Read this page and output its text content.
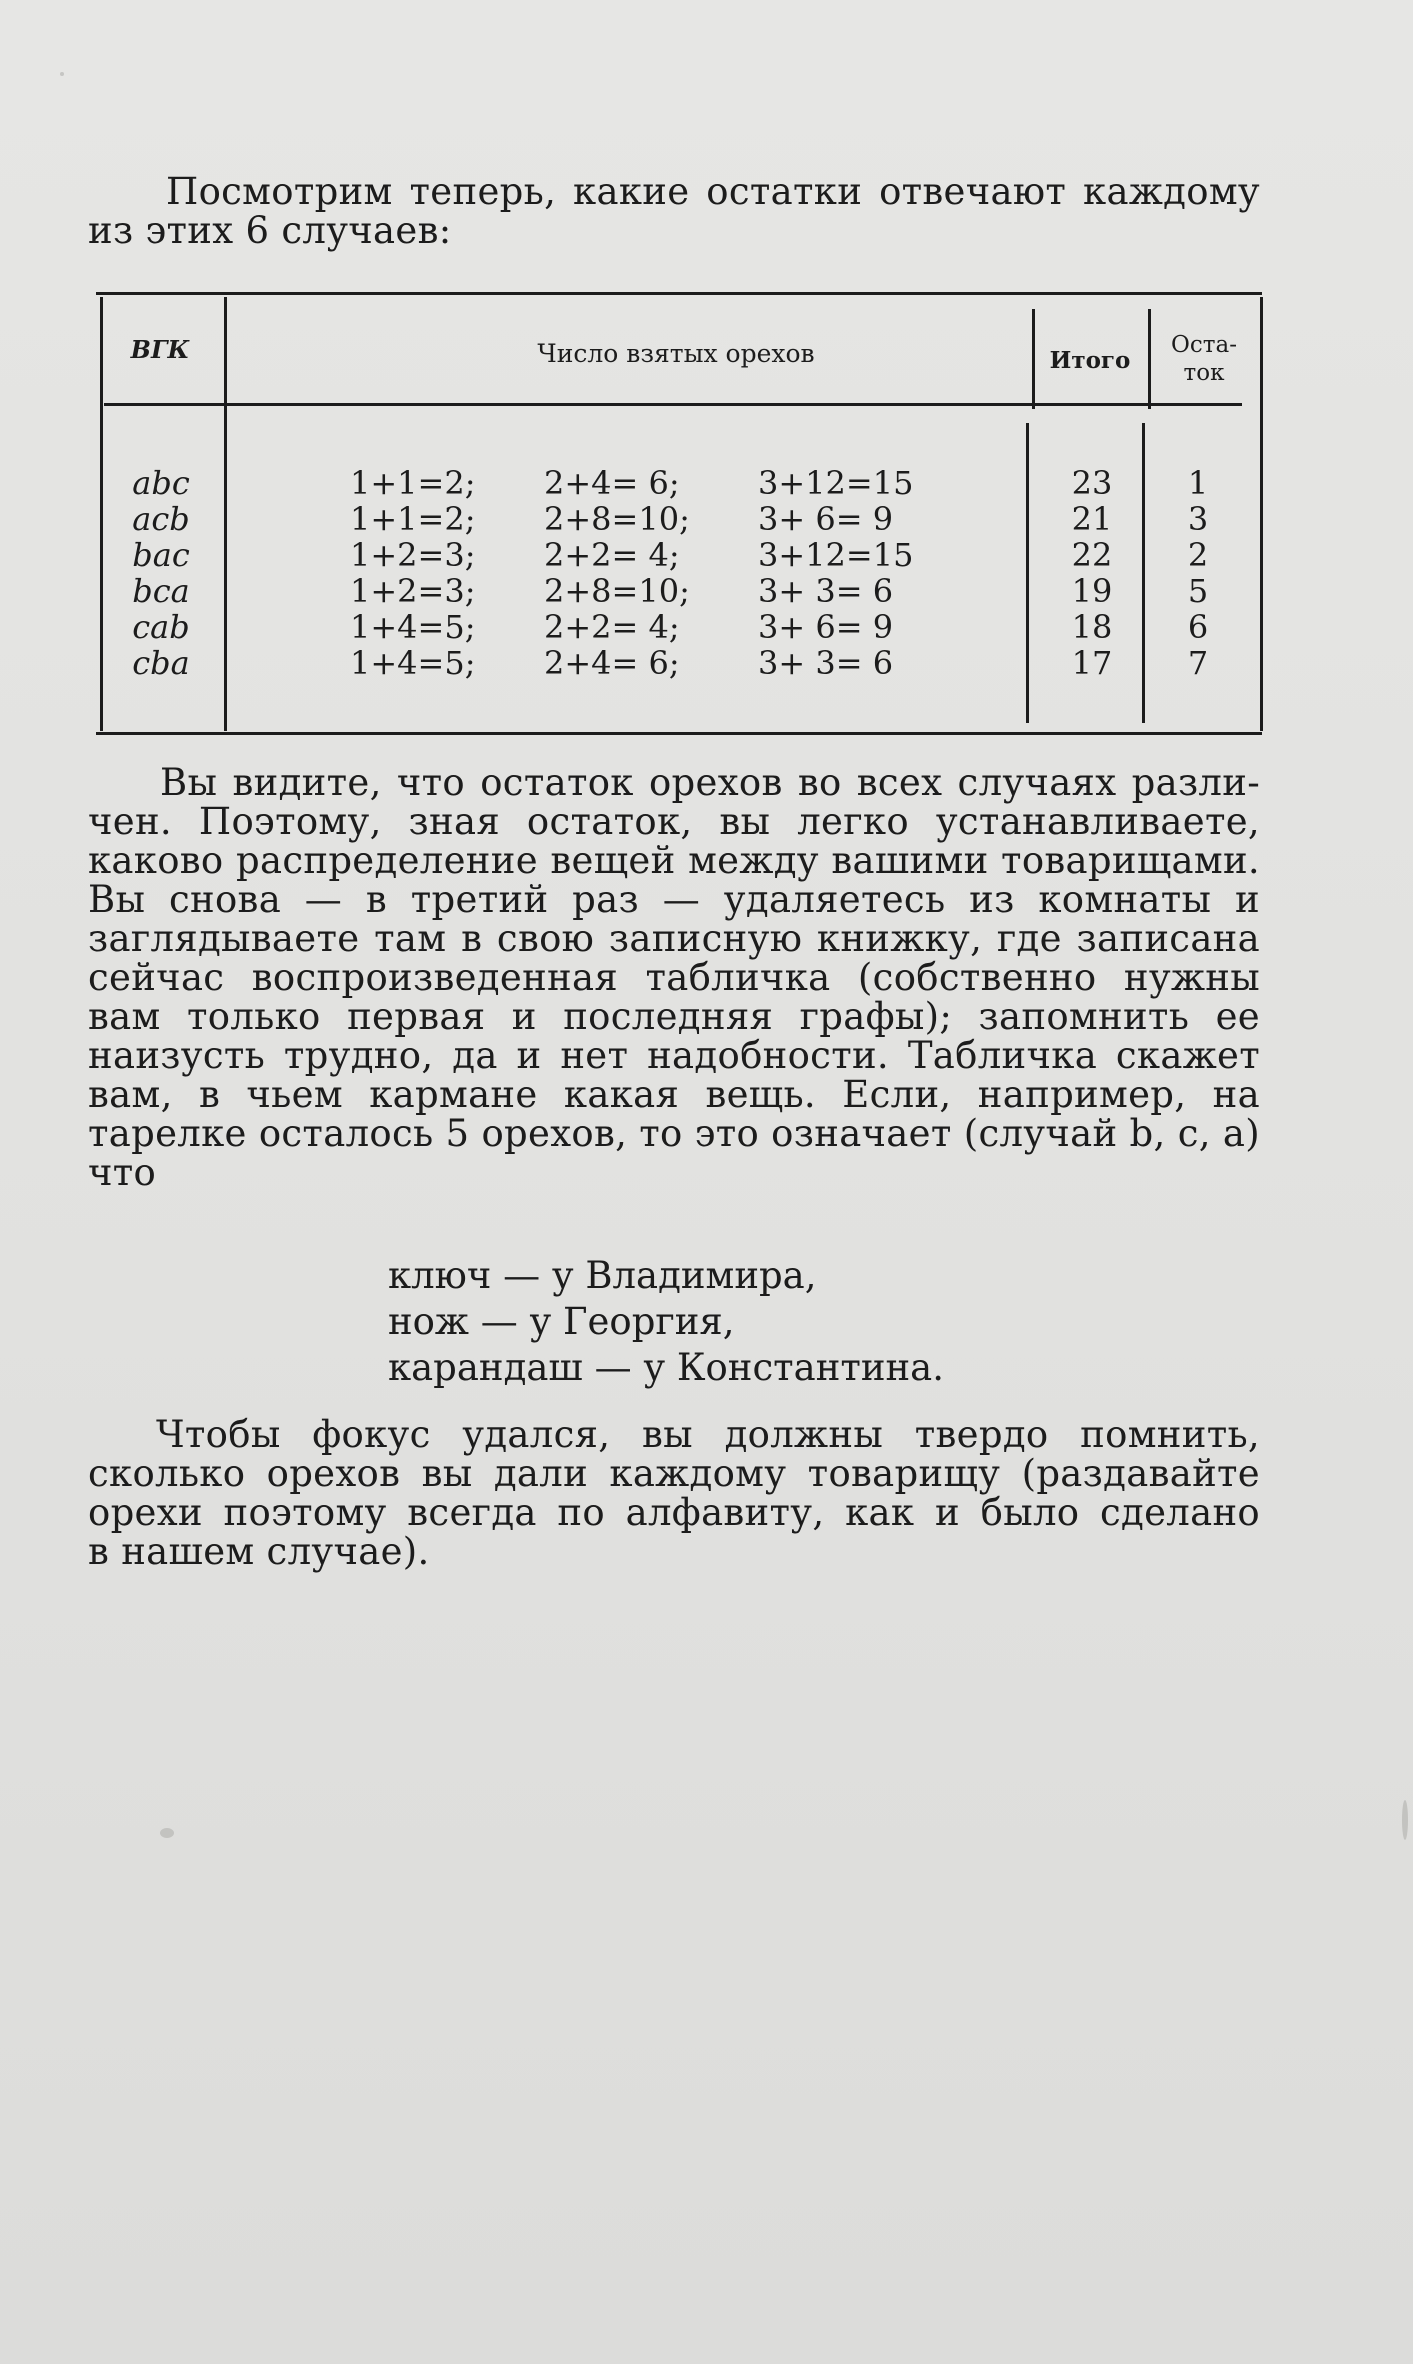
Посмотрим теперь, какие остатки отвечают каждому
из этих 6 случаев:

ВГК	Число взятых орехов	Итого
Оста-
ток
abc
acb
bac
bca
cab
cba
1+1=2;
1+1=2;
1+2=3;
1+2=3;
1+4=5;
1+4=5;
2+4= 6;
2+8=10;
2+2= 4;
2+8=10;
2+2= 4;
2+4= 6;
3+12=15
3+ 6= 9
3+12=15
3+ 3= 6
3+ 6= 9
3+ 3= 6
23
21
22
19
18
17
1
3
2
5
6
7

Вы видите, что остаток орехов во всех случаях разли-
чен. Поэтому, зная остаток, вы легко устанавливаете,
каково распределение вещей между вашими товарищами.
Вы снова — в третий раз — удаляетесь из комнаты и
заглядываете там в свою записную книжку, где записана
сейчас воспроизведенная табличка (собственно нужны
вам только первая и последняя графы); запомнить ее
наизусть трудно, да и нет надобности. Табличка скажет
вам, в чьем кармане какая вещь. Если, например, на
тарелке осталось 5 орехов, то это означает (случай b, c, a)
что

ключ — у Владимира,
нож — у Георгия,
карандаш — у Константина.

Чтобы фокус удался, вы должны твердо помнить,
сколько орехов вы дали каждому товарищу (раздавайте
орехи поэтому всегда по алфавиту, как и было сделано
в нашем случае).
